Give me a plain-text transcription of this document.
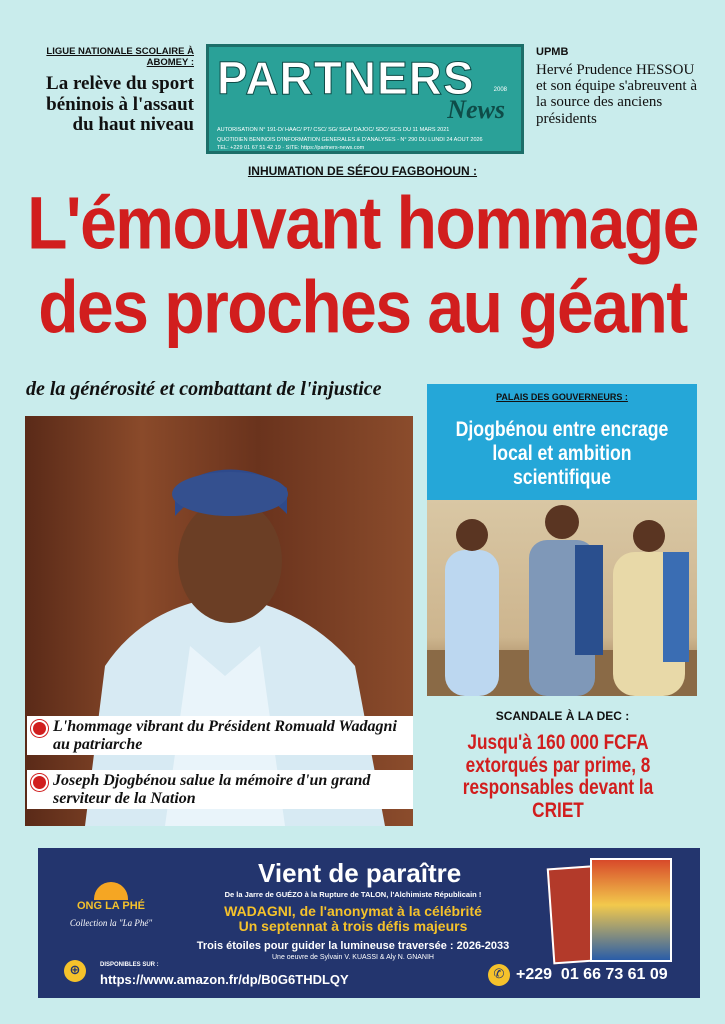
LIGUE NATIONALE SCOLAIRE À ABOMEY :
La relève du sport béninois à l'assaut du haut niveau
PARTNERS	2008
News
AUTORISATION N° 191-D/ HAAC/ PT/ CSC/ SG/ SGA/ DAJOC/ SDC/ SCS DU 11 MARS 2021
QUOTIDIEN BENINOIS D'INFORMATION GENERALES & D'ANALYSES - N° 290 DU LUNDI 24 AOUT 2026
TEL: +229 01 67 51 42 19 · SITE: https://partners-news.com
UPMB
Hervé Prudence HESSOU et son équipe s'abreuvent à la source des anciens présidents
INHUMATION DE SÉFOU FAGBOHOUN :
L'émouvant hommage
des proches au géant
de la générosité et combattant de l'injustice
L'hommage vibrant du Président Romuald Wadagni au patriarche
Joseph Djogbénou salue la mémoire d'un grand serviteur de la Nation
PALAIS DES GOUVERNEURS :
Djogbénou entre encrage local et ambition scientifique
SCANDALE À LA DEC :
Jusqu'à 160 000 FCFA extorqués par prime, 8 responsables devant la CRIET
ONG LA PHÉ
Collection la "La Phé"
Vient de paraître
De la Jarre de GUÉZO à la Rupture de TALON, l'Alchimiste Républicain !
WADAGNI, de l'anonymat à la célébrité
Un septennat à trois défis majeurs
Trois étoiles pour guider la lumineuse traversée : 2026-2033
Une oeuvre de Sylvain V. KUASSI & Aly N. GNANIH
⊕	DISPONIBLES SUR :
https://www.amazon.fr/dp/B0G6THDLQY	✆ +229  01 66 73 61 09
